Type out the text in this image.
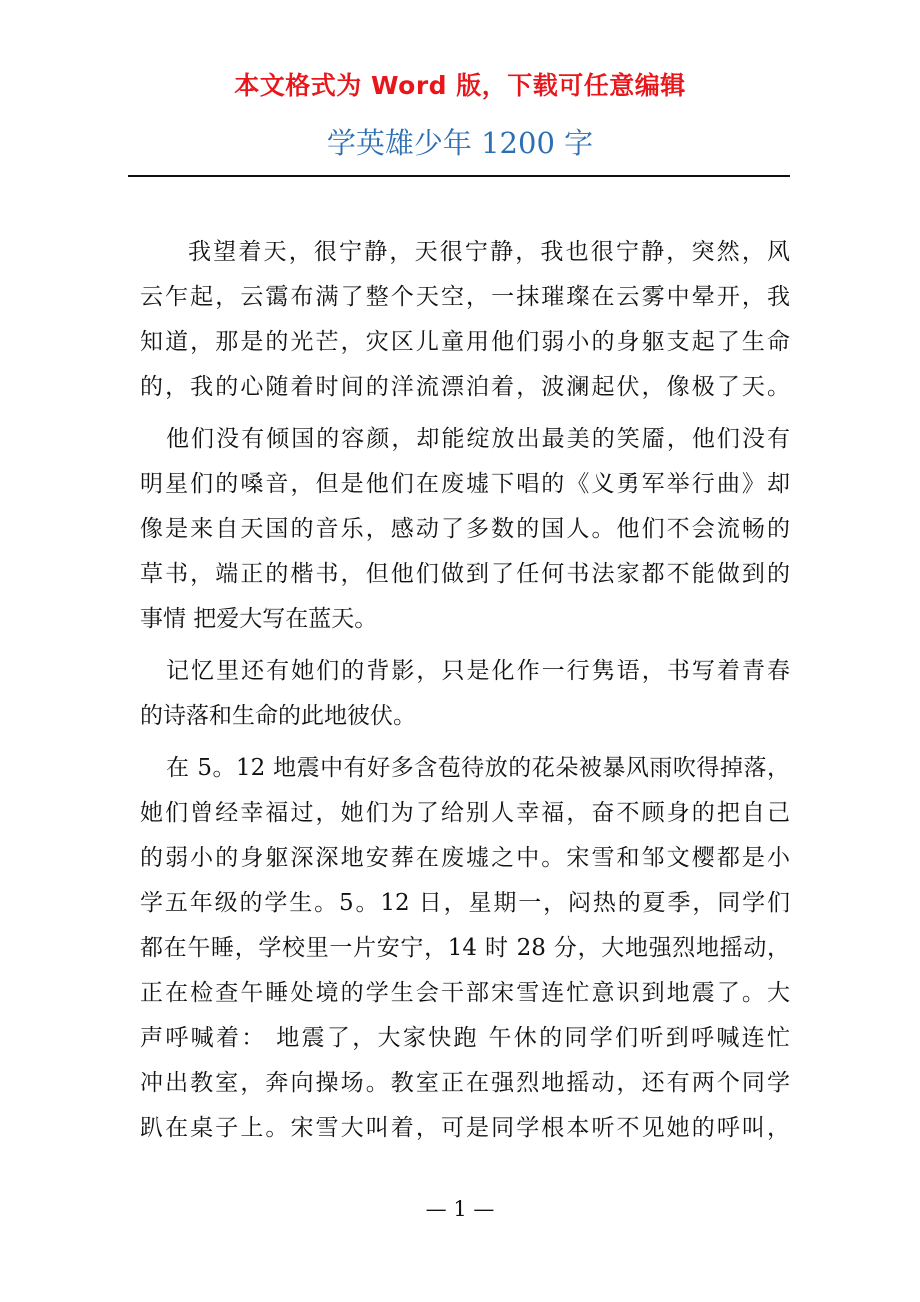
本文格式为 Word 版，下载可任意编辑
学英雄少年 1200 字
我望着天，很宁静，天很宁静，我也很宁静，突然，风
云乍起，云霭布满了整个天空，一抹璀璨在云雾中晕开，我
知道，那是的光芒，灾区儿童用他们弱小的身躯支起了生命
的，我的心随着时间的洋流漂泊着，波澜起伏，像极了天。
他们没有倾国的容颜，却能绽放出最美的笑靥，他们没有
明星们的嗓音，但是他们在废墟下唱的《义勇军举行曲》却
像是来自天国的音乐，感动了多数的国人。他们不会流畅的
草书，端正的楷书，但他们做到了任何书法家都不能做到的
事情 把爱大写在蓝天。
记忆里还有她们的背影，只是化作一行隽语，书写着青春
的诗落和生命的此地彼伏。
在 5。12 地震中有好多含苞待放的花朵被暴风雨吹得掉落，
她们曾经幸福过，她们为了给别人幸福，奋不顾身的把自己
的弱小的身躯深深地安葬在废墟之中。宋雪和邹文樱都是小
学五年级的学生。5。12 日，星期一，闷热的夏季，同学们
都在午睡，学校里一片安宁，14 时 28 分，大地强烈地摇动，
正在检查午睡处境的学生会干部宋雪连忙意识到地震了。大
声呼喊着： 地震了，大家快跑 午休的同学们听到呼喊连忙
冲出教室，奔向操场。教室正在强烈地摇动，还有两个同学
趴在桌子上。宋雪大叫着，可是同学根本听不见她的呼叫，
— 1 —
